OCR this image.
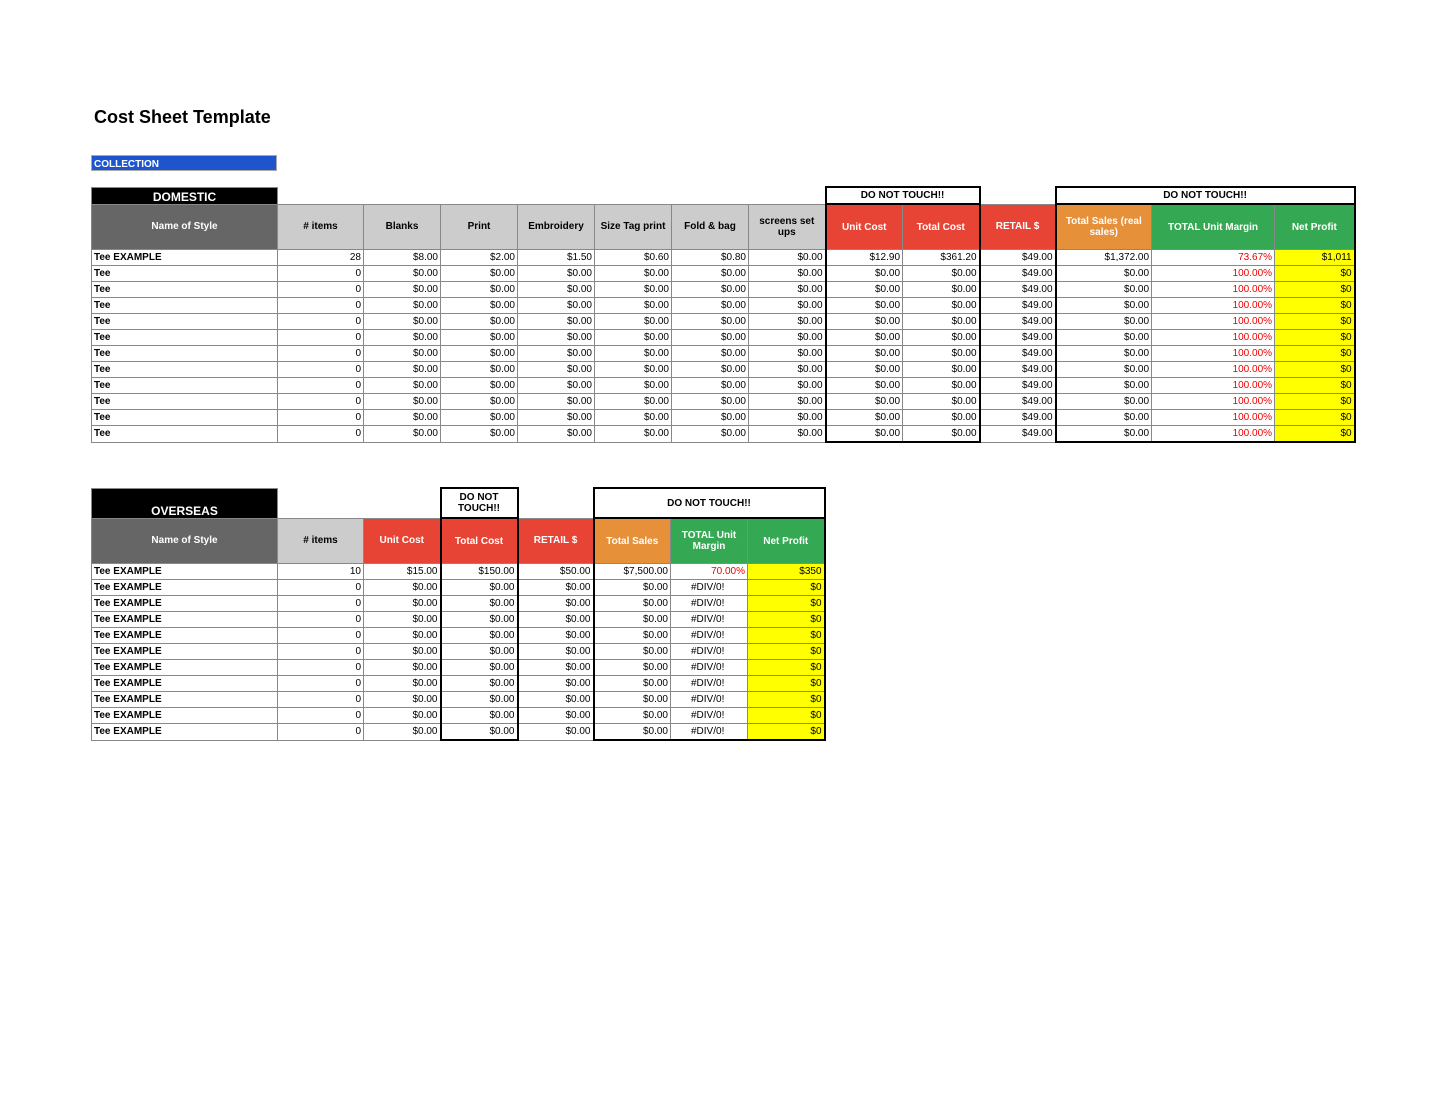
Cost Sheet Template
COLLECTION
DOMESTIC								DO NOT TOUCH!!			DO NOT TOUCH!!		
Name of Style	# items	Blanks	Print	Embroidery	Size Tag print	Fold & bag	screens set ups	Unit Cost	Total Cost	RETAIL $	Total Sales (real sales)	TOTAL Unit Margin	Net Profit
Tee EXAMPLE	28	$8.00	$2.00	$1.50	$0.60	$0.80	$0.00	$12.90	$361.20	$49.00	$1,372.00	73.67%	$1,011
Tee	0	$0.00	$0.00	$0.00	$0.00	$0.00	$0.00	$0.00	$0.00	$49.00	$0.00	100.00%	$0
Tee	0	$0.00	$0.00	$0.00	$0.00	$0.00	$0.00	$0.00	$0.00	$49.00	$0.00	100.00%	$0
Tee	0	$0.00	$0.00	$0.00	$0.00	$0.00	$0.00	$0.00	$0.00	$49.00	$0.00	100.00%	$0
Tee	0	$0.00	$0.00	$0.00	$0.00	$0.00	$0.00	$0.00	$0.00	$49.00	$0.00	100.00%	$0
Tee	0	$0.00	$0.00	$0.00	$0.00	$0.00	$0.00	$0.00	$0.00	$49.00	$0.00	100.00%	$0
Tee	0	$0.00	$0.00	$0.00	$0.00	$0.00	$0.00	$0.00	$0.00	$49.00	$0.00	100.00%	$0
Tee	0	$0.00	$0.00	$0.00	$0.00	$0.00	$0.00	$0.00	$0.00	$49.00	$0.00	100.00%	$0
Tee	0	$0.00	$0.00	$0.00	$0.00	$0.00	$0.00	$0.00	$0.00	$49.00	$0.00	100.00%	$0
Tee	0	$0.00	$0.00	$0.00	$0.00	$0.00	$0.00	$0.00	$0.00	$49.00	$0.00	100.00%	$0
Tee	0	$0.00	$0.00	$0.00	$0.00	$0.00	$0.00	$0.00	$0.00	$49.00	$0.00	100.00%	$0
Tee	0	$0.00	$0.00	$0.00	$0.00	$0.00	$0.00	$0.00	$0.00	$49.00	$0.00	100.00%	$0
OVERSEAS			DO NOT TOUCH!!		DO NOT TOUCH!!		
Name of Style	# items	Unit Cost	Total Cost	RETAIL $	Total Sales	TOTAL Unit Margin	Net Profit
Tee EXAMPLE	10	$15.00	$150.00	$50.00	$7,500.00	70.00%	$350
Tee EXAMPLE	0	$0.00	$0.00	$0.00	$0.00	#DIV/0!	$0
Tee EXAMPLE	0	$0.00	$0.00	$0.00	$0.00	#DIV/0!	$0
Tee EXAMPLE	0	$0.00	$0.00	$0.00	$0.00	#DIV/0!	$0
Tee EXAMPLE	0	$0.00	$0.00	$0.00	$0.00	#DIV/0!	$0
Tee EXAMPLE	0	$0.00	$0.00	$0.00	$0.00	#DIV/0!	$0
Tee EXAMPLE	0	$0.00	$0.00	$0.00	$0.00	#DIV/0!	$0
Tee EXAMPLE	0	$0.00	$0.00	$0.00	$0.00	#DIV/0!	$0
Tee EXAMPLE	0	$0.00	$0.00	$0.00	$0.00	#DIV/0!	$0
Tee EXAMPLE	0	$0.00	$0.00	$0.00	$0.00	#DIV/0!	$0
Tee EXAMPLE	0	$0.00	$0.00	$0.00	$0.00	#DIV/0!	$0
